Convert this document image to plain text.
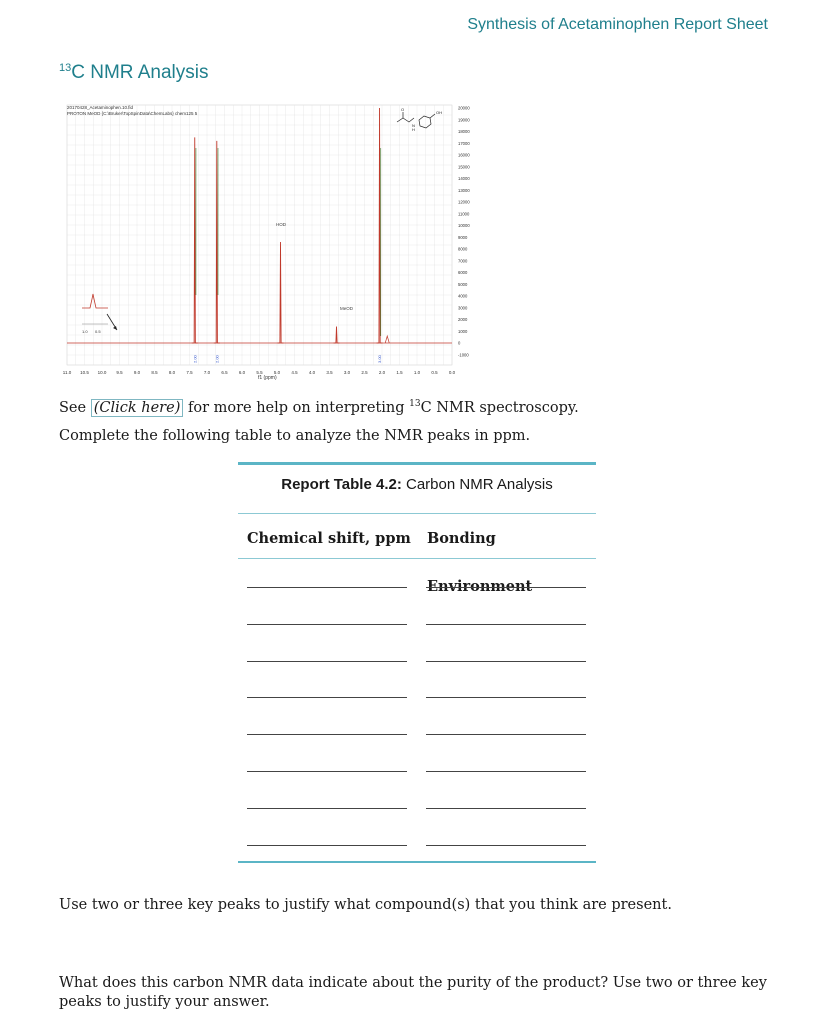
Synthesis of Acetaminophen Report Sheet
$^{13}$C NMR Analysis
20170428_Acetaminophen.10.fid
PROTON MeOD {C:\Bruker\TopSpinData\ChemLabs} chem125 5
2.00	2.00	3.00
11.0 10.5 10.0 9.5 9.0 8.5 8.0 7.5 7.0 6.5 6.0 5.5 5.0 4.5 4.0 3.5 3.0 2.5 2.0 1.5 1.0 0.5 0.0
20000
19000
18000
17000
16000
15000
14000
13000
12000
11000
10000
9000
8000
7000
6000
5000
4000
3000
2000
1000
0
-1000
f1 (ppm)
HOD
MeOD
1.0 0.5
O
N
H
OH
See (Click here) for more help on interpreting $^{13}$C NMR spectroscopy.
Complete the following table to analyze the NMR peaks in ppm.
Report Table 4.2: Carbon NMR Analysis
Chemical shift, ppm Bonding Environment
Use two or three key peaks to justify what compound(s) that you think are present.
What does this carbon NMR data indicate about the purity of the product? Use two or three key peaks to justify your answer.
